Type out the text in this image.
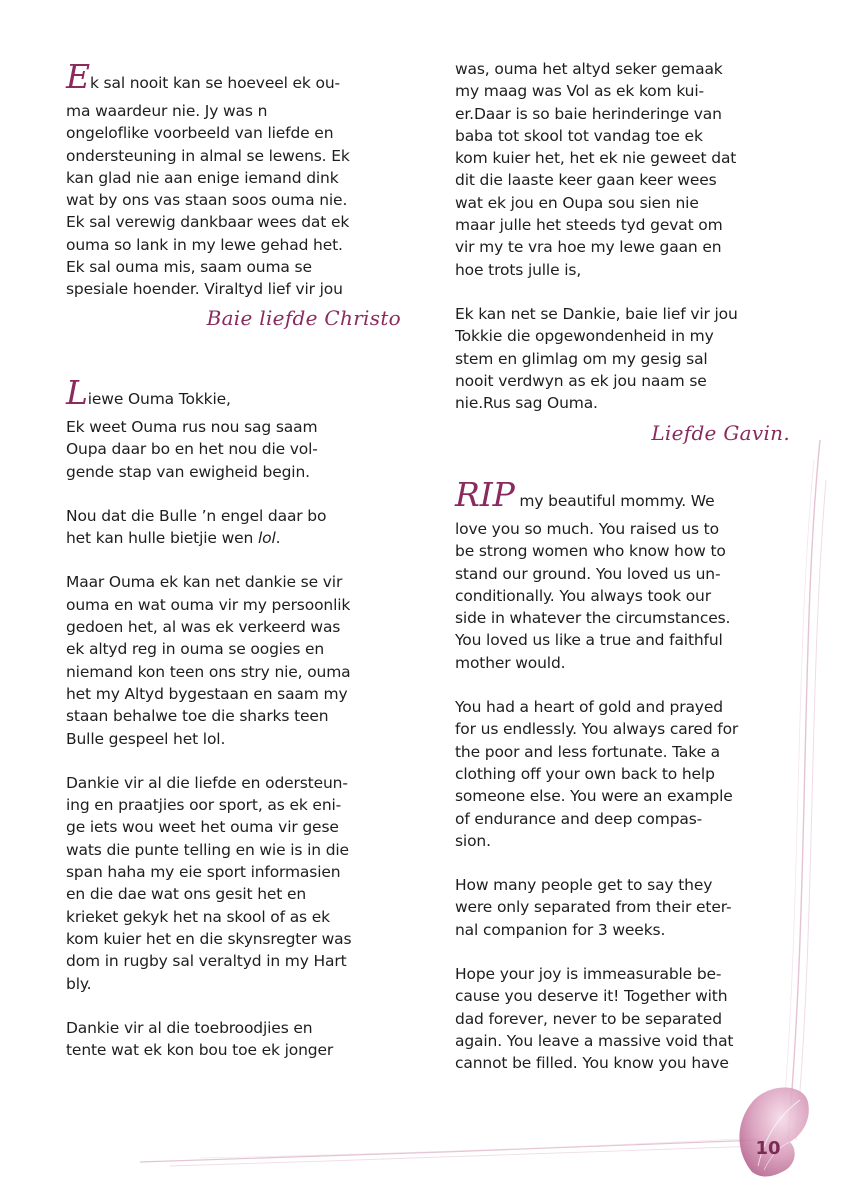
Ek sal nooit kan se hoeveel ek ou-

ma waardeur nie. Jy was n

ongeloflike voorbeeld van liefde en

ondersteuning in almal se lewens. Ek

kan glad nie aan enige iemand dink

wat by ons vas staan soos ouma nie.

Ek sal verewig dankbaar wees dat ek

ouma so lank in my lewe gehad het.

Ek sal ouma mis, saam ouma se

spesiale hoender. Viraltyd lief vir jou

Baie liefde Christo

Liewe Ouma Tokkie,

Ek weet Ouma rus nou sag saam

Oupa daar bo en het nou die vol-

gende stap van ewigheid begin.

Nou dat die Bulle ’n engel daar bo

het kan hulle bietjie wen lol.

Maar Ouma ek kan net dankie se vir

ouma en wat ouma vir my persoonlik

gedoen het, al was ek verkeerd was

ek altyd reg in ouma se oogies en

niemand kon teen ons stry nie, ouma

het my Altyd bygestaan en saam my

staan behalwe toe die sharks teen

Bulle gespeel het lol.

Dankie vir al die liefde en odersteun-

ing en praatjies oor sport, as ek eni-

ge iets wou weet het ouma vir gese

wats die punte telling en wie is in die

span haha my eie sport informasien

en die dae wat ons gesit het en

krieket gekyk het na skool of as ek

kom kuier het en die skynsregter was

dom in rugby sal veraltyd in my Hart

bly.

Dankie vir al die toebroodjies en

tente wat ek kon bou toe ek jonger

was, ouma het altyd seker gemaak

my maag was Vol as ek kom kui-

er.Daar is so baie herinderinge van

baba tot skool tot vandag toe ek

kom kuier het, het ek nie geweet dat

dit die laaste keer gaan keer wees

wat ek jou en Oupa sou sien nie

maar julle het steeds tyd gevat om

vir my te vra hoe my lewe gaan en

hoe trots julle is,

Ek kan net se Dankie, baie lief vir jou

Tokkie die opgewondenheid in my

stem en glimlag om my gesig sal

nooit verdwyn as ek jou naam se

nie.Rus sag Ouma.

Liefde Gavin.

RIP my beautiful mommy. We

love you so much. You raised us to

be strong women who know how to

stand our ground. You loved us un-

conditionally. You always took our

side in whatever the circumstances.

You loved us like a true and faithful

mother would.

You had a heart of gold and prayed

for us endlessly. You always cared for

the poor and less fortunate. Take a

clothing off your own back to help

someone else. You were an example

of endurance and deep compas-

sion.

How many people get to say they

were only separated from their eter-

nal companion for 3 weeks.

Hope your joy is immeasurable be-

cause you deserve it! Together with

dad forever, never to be separated

again. You leave a massive void that

cannot be filled. You know you have

10
